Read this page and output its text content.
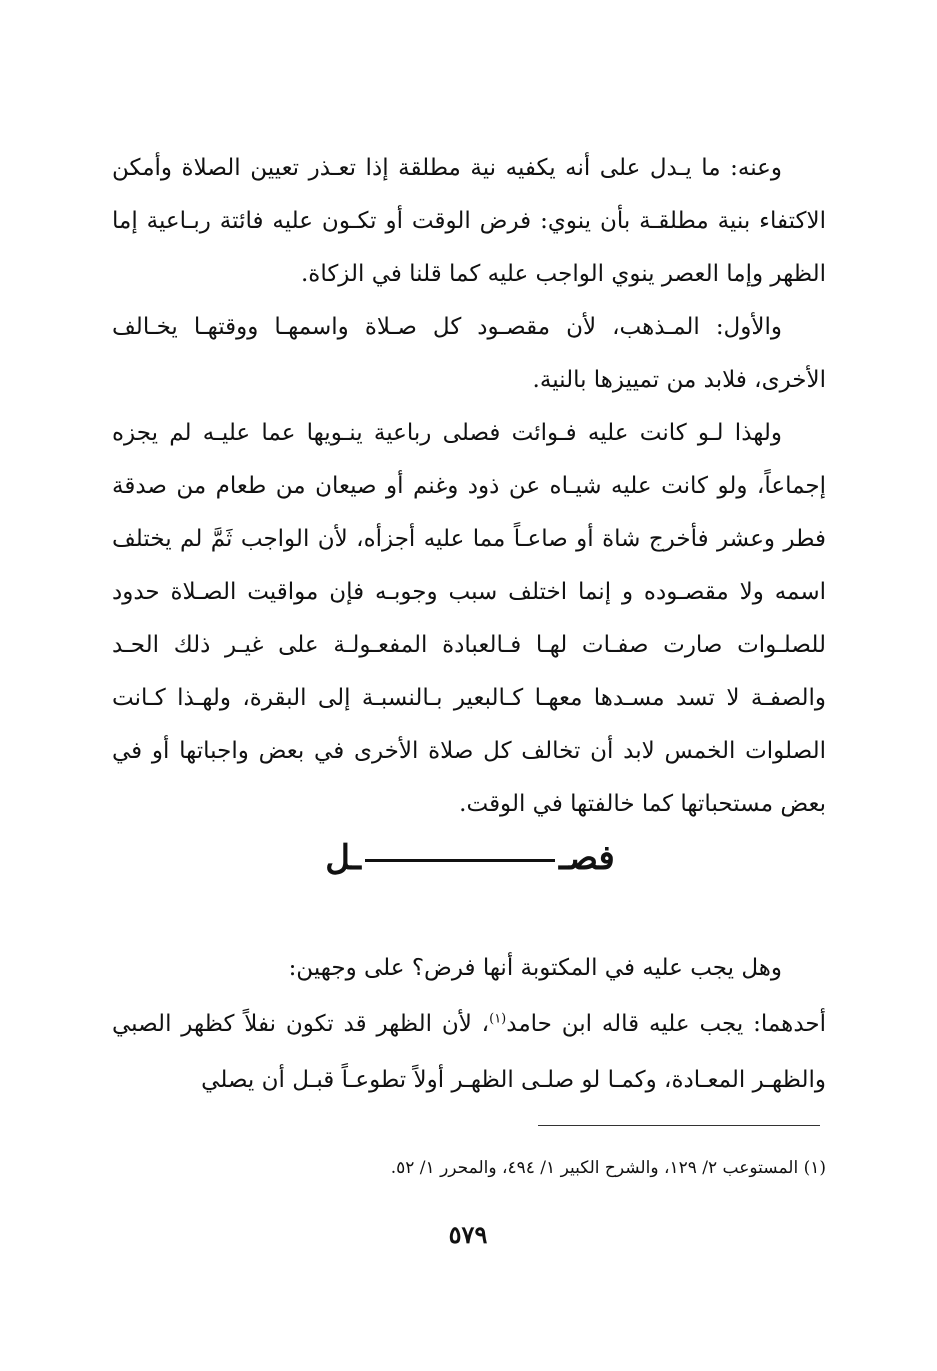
وعنه: ما يـدل على أنه يكفيه نية مطلقة إذا تعـذر تعيين الصلاة وأمكن الاكتفاء بنية مطلقـة بأن ينوي: فرض الوقت أو تكـون عليه فائتة ربـاعية إما الظهر وإما العصر ينوي الواجب عليه كما قلنا في الزكاة.

والأول: المـذهب، لأن مقصـود كل صـلاة واسمهـا ووقتهـا يخـالف الأخرى، فلابد من تمييزها بالنية.

ولهذا لـو كانت عليه فـوائت فصلى رباعية ينـويها عما عليـه لم يجزه إجماعاً، ولو كانت عليه شيـاه عن ذود وغنم أو صيعان من طعام من صدقة فطر وعشر فأخرج شاة أو صاعـاً مما عليه أجزأه، لأن الواجب ثَمَّ لم يختلف اسمه ولا مقصـوده و إنما اختلف سبب وجوبـه فإن مواقيت الصـلاة حدود للصلـوات صارت صفـات لهـا فـالعبادة المفعـولـة على غيـر ذلك الحـد والصفـة لا تسد مسـدها معهـا كـالبعير بـالنسبـة إلى البقرة، ولهـذا كـانت الصلوات الخمس لابد أن تخالف كل صلاة الأخرى في بعض واجباتها أو في بعض مستحباتها كما خالفتها في الوقت.

فصــل

وهل يجب عليه في المكتوبة أنها فرض؟ على وجهين:

أحدهما: يجب عليه قاله ابن حامد$^{(١)}$، لأن الظهر قد تكون نفلاً كظهر الصبي والظهـر المعـادة، وكمـا لو صلـى الظهـر أولاً تطوعـاً قبـل أن يصلي

(١) المستوعب ٢/ ١٢٩، والشرح الكبير ١/ ٤٩٤، والمحرر ١/ ٥٢.
٥٧٩
